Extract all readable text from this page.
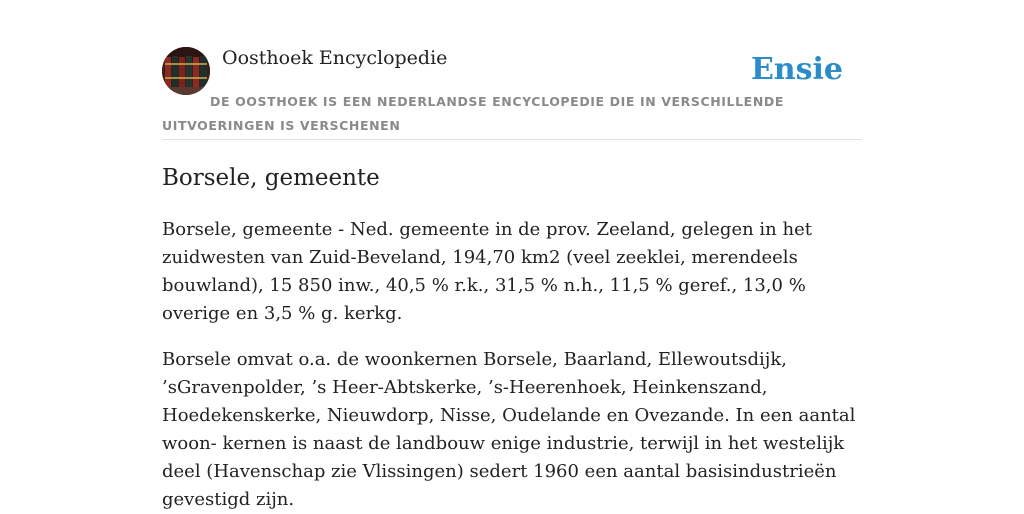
Oosthoek Encyclopedie	Ensie
DE OOSTHOEK IS EEN NEDERLANDSE ENCYCLOPEDIE DIE IN VERSCHILLENDE UITVOERINGEN IS VERSCHENEN
Borsele, gemeente

Borsele, gemeente - Ned. gemeente in de prov. Zeeland, gelegen in het zuidwesten van Zuid-Beveland, 194,70 km2 (veel zeeklei, merendeels bouwland), 15 850 inw., 40,5 % r.k., 31,5 % n.h., 11,5 % geref., 13,0 % overige en 3,5 % g. kerkg.

Borsele omvat o.a. de woonkernen Borsele, Baarland, Ellewoutsdijk, ’sGravenpolder, ’s Heer-Abtskerke, ’s-Heerenhoek, Heinkenszand, Hoedekenskerke, Nieuwdorp, Nisse, Oudelande en Ovezande. In een aantal woon- kernen is naast de landbouw enige industrie, terwijl in het westelijk deel (Havenschap zie Vlissingen) sedert 1960 een aantal basisindustrieën gevestigd zijn.
